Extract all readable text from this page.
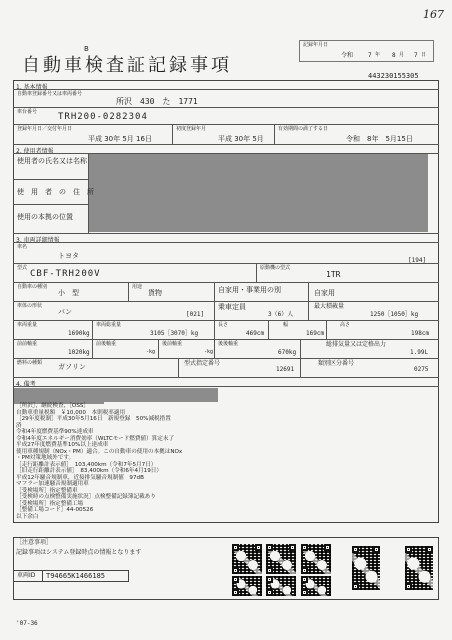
167
記録年月日
令和 7 年 8 月 7 日
B
自動車検査証記録事項	443230155305
1. 基本情報
自動車登録番号又は車両番号
所沢　430　た　1771
車台番号 TRH200-0282304
登録年月日／交付年月日
平成 30年 5月 16日
初度登録年月
平成 30年 5月
有効期間の満了する日
令和　8年　5月15日
2. 使用者情報
使用者の氏名又は名称
使　用　者　の　住　所
使用の本拠の位置
3. 車両詳細情報
車名
トヨタ
[194]
型式
CBF-TRH200V
原動機の型式
1TR
自動車の種別
小　型
用途
貨物	自家用・事業用の別	自家用
車体の形状
バン	[021]
乗車定員
3（6）人
最大積載量
1250［1050］kg
車両重量
1690kg
車両総重量
3105［3070］kg
長さ
469cm
幅
169cm
高さ
198cm
前前軸重
1020kg
前後軸重
-kg
後前軸重
-kg
後後軸重
670kg
総排気量又は定格出力
1.99L
燃料の種類 ガソリン	型式指定番号
12691
類別区分番号
0275
4. 備考
［所沢］，継続検査，［OSS］
自動車重量税額　￥10,000　本則税率適用
［29年度税制］平成30年5月16日　新規登録　50%減税措置
済
令和4年度燃費基準90%達成車
令和4年度エネルギー消費効率（WLTCモード燃費値）算定未了
平成27年度燃費基準10%以上達成車
使用車種規制（NOx・PM）適合。この自動車の使用の本拠はNOx
・PM対策地域外です。
［走行距離計表示値］　103,400km（令和7年5月7日）
［旧走行距離計表示値］　83,400km（令和6年4月19日）
平成12年騒音規制車，近接排気騒音規制値　97dB
マフラー加速騒音規制適用車
［受検場所］指定整備車
［受検時の点検整備実施状況］点検整備記録簿記載あり
［受検場所］指定整備工場
［整備工場コード］44-00526
以下余白
［注意事項］
記録事項はシステム登録時点の情報となります
車両ID T94665K1466185
'07-36
